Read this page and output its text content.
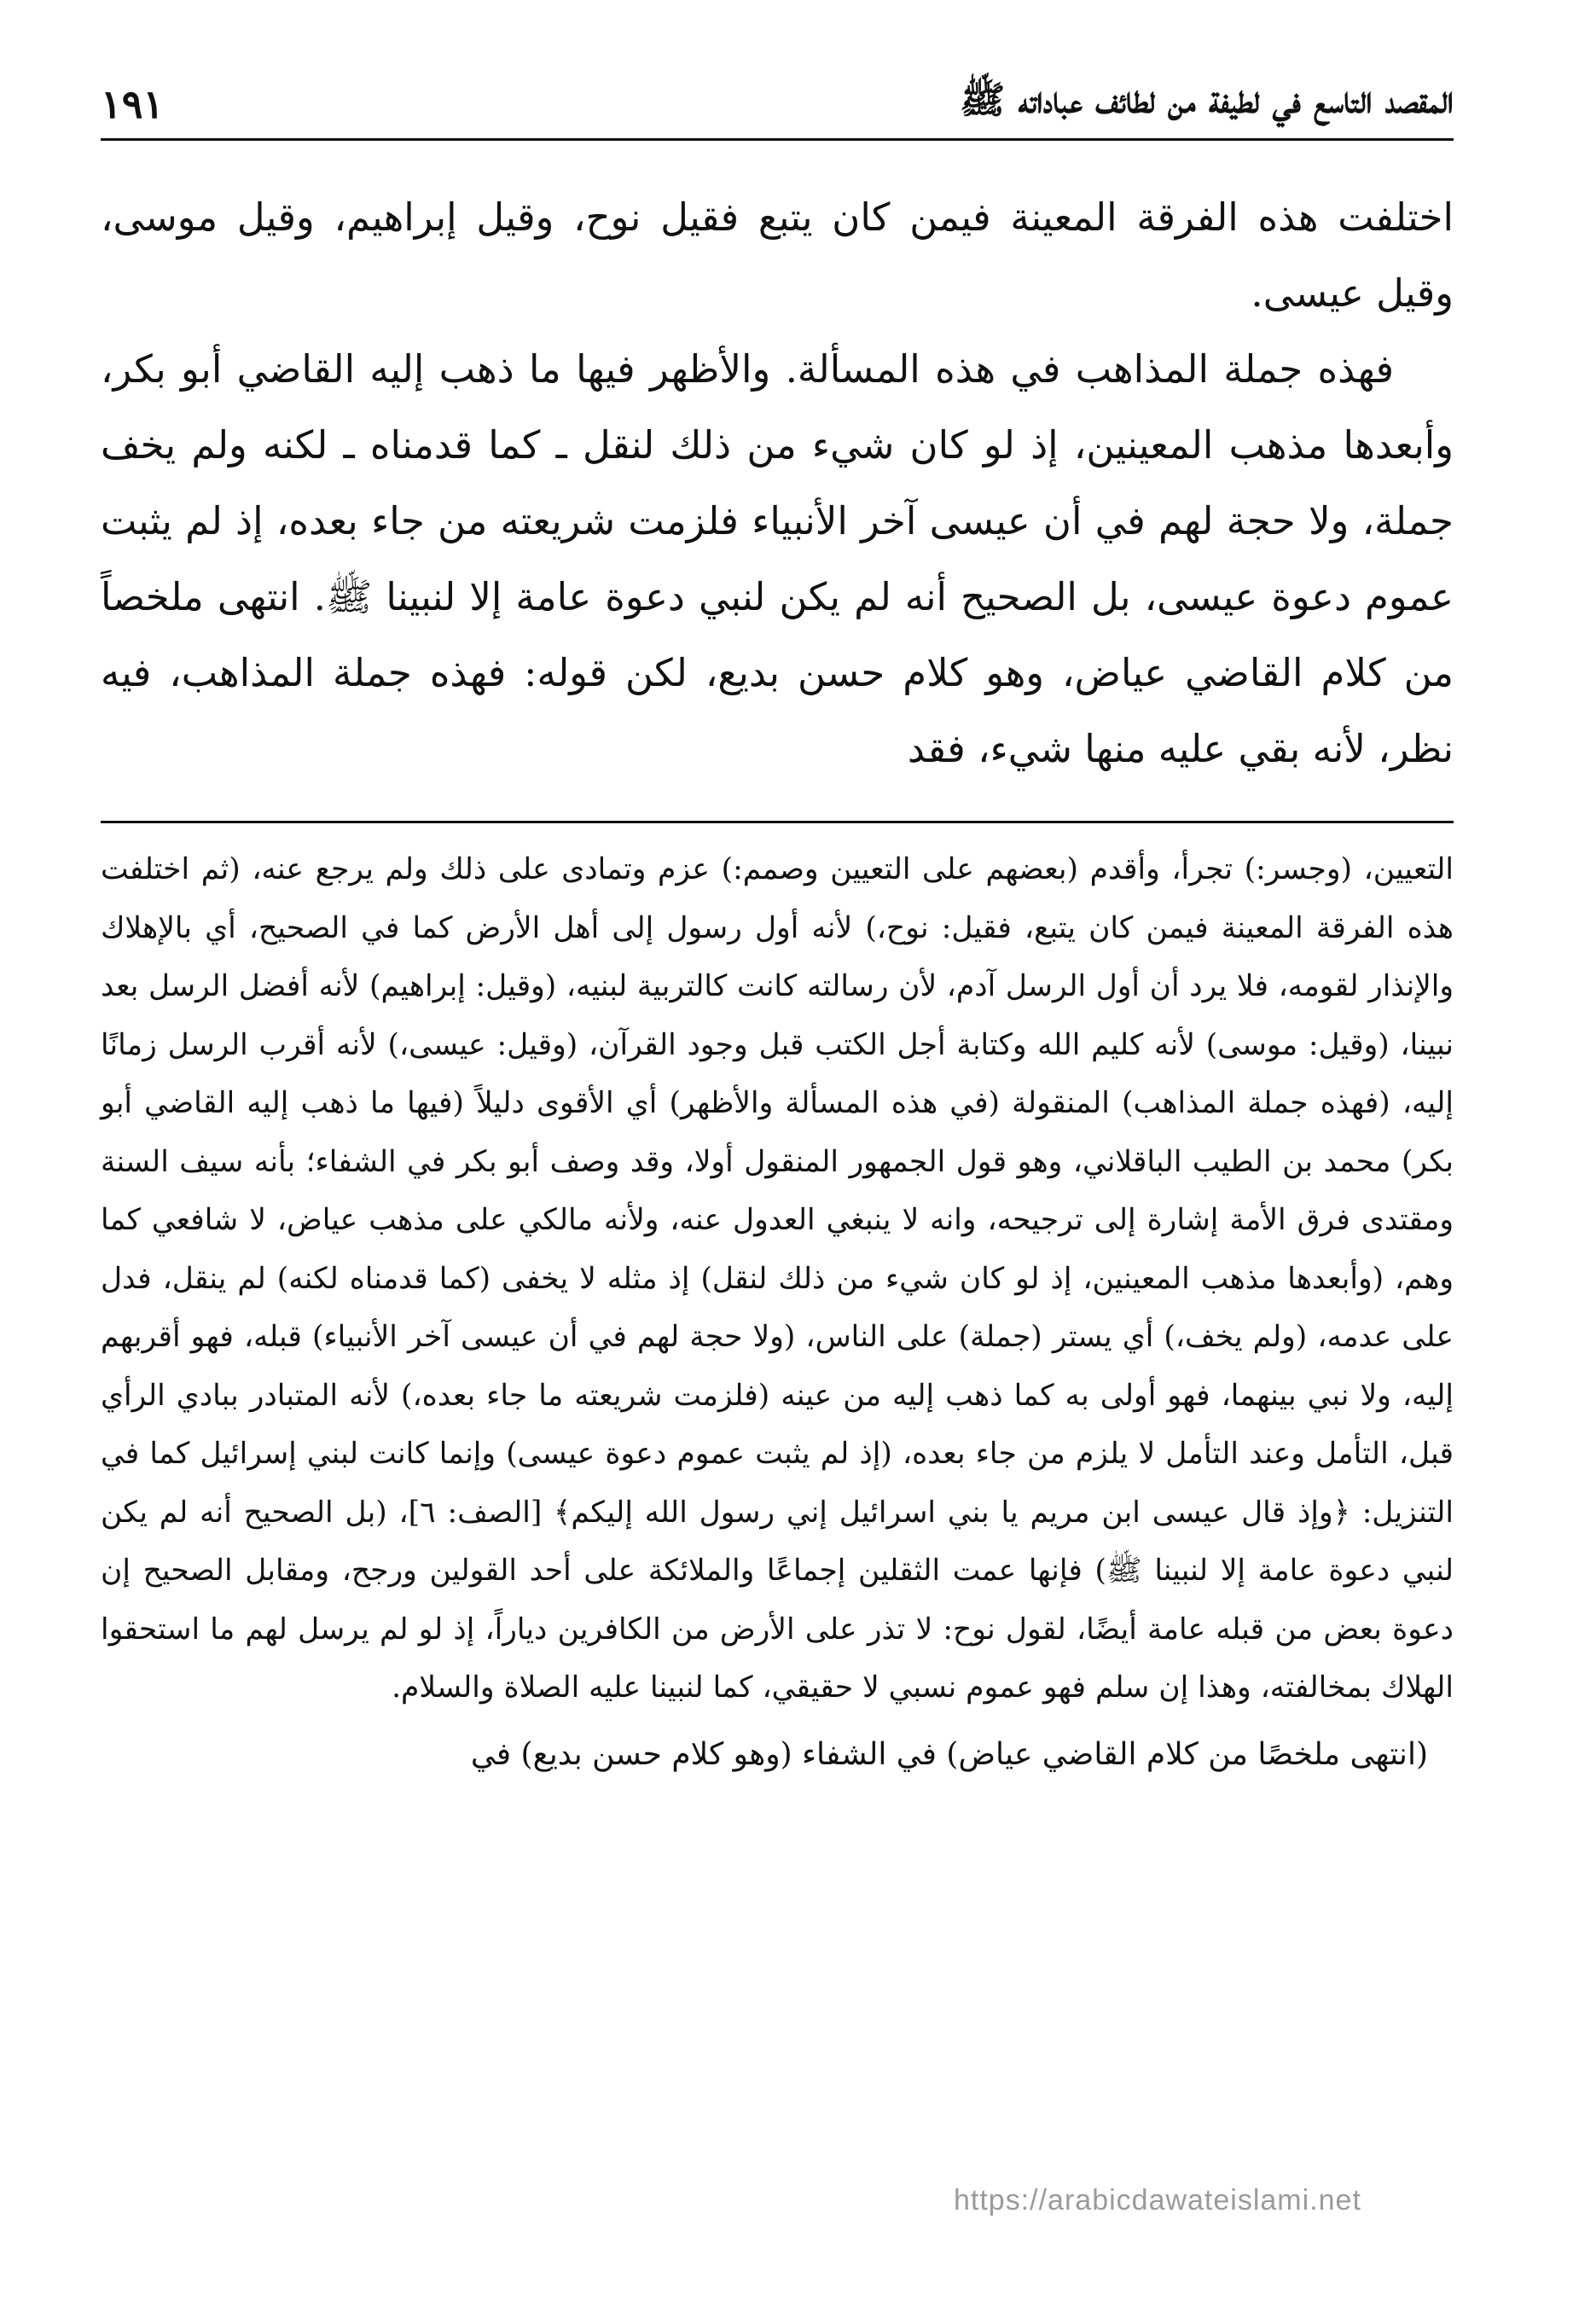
المقصد التاسع في لطيفة من لطائف عباداته ﷺ
١٩١

اختلفت هذه الفرقة المعينة فيمن كان يتبع فقيل نوح، وقيل إبراهيم، وقيل موسى، وقيل عيسى.

فهذه جملة المذاهب في هذه المسألة. والأظهر فيها ما ذهب إليه القاضي أبو بكر، وأبعدها مذهب المعينين، إذ لو كان شيء من ذلك لنقل ـ كما قدمناه ـ لكنه ولم يخف جملة، ولا حجة لهم في أن عيسى آخر الأنبياء فلزمت شريعته من جاء بعده، إذ لم يثبت عموم دعوة عيسى، بل الصحيح أنه لم يكن لنبي دعوة عامة إلا لنبينا ﷺ. انتهى ملخصاً من كلام القاضي عياض، وهو كلام حسن بديع، لكن قوله: فهذه جملة المذاهب، فيه نظر، لأنه بقي عليه منها شيء، فقد

التعيين، (وجسر:) تجرأ، وأقدم (بعضهم على التعيين وصمم:) عزم وتمادى على ذلك ولم يرجع عنه، (ثم اختلفت هذه الفرقة المعينة فيمن كان يتبع، فقيل: نوح،) لأنه أول رسول إلى أهل الأرض كما في الصحيح، أي بالإهلاك والإنذار لقومه، فلا يرد أن أول الرسل آدم، لأن رسالته كانت كالتربية لبنيه، (وقيل: إبراهيم) لأنه أفضل الرسل بعد نبينا، (وقيل: موسى) لأنه كليم الله وكتابة أجل الكتب قبل وجود القرآن، (وقيل: عيسى،) لأنه أقرب الرسل زمانًا إليه، (فهذه جملة المذاهب) المنقولة (في هذه المسألة والأظهر) أي الأقوى دليلاً (فيها ما ذهب إليه القاضي أبو بكر) محمد بن الطيب الباقلاني، وهو قول الجمهور المنقول أولا، وقد وصف أبو بكر في الشفاء؛ بأنه سيف السنة ومقتدى فرق الأمة إشارة إلى ترجيحه، وانه لا ينبغي العدول عنه، ولأنه مالكي على مذهب عياض، لا شافعي كما وهم، (وأبعدها مذهب المعينين، إذ لو كان شيء من ذلك لنقل) إذ مثله لا يخفى (كما قدمناه لكنه) لم ينقل، فدل على عدمه، (ولم يخف،) أي يستر (جملة) على الناس، (ولا حجة لهم في أن عيسى آخر الأنبياء) قبله، فهو أقربهم إليه، ولا نبي بينهما، فهو أولى به كما ذهب إليه من عينه (فلزمت شريعته ما جاء بعده،) لأنه المتبادر ببادي الرأي قبل، التأمل وعند التأمل لا يلزم من جاء بعده، (إذ لم يثبت عموم دعوة عيسى) وإنما كانت لبني إسرائيل كما في التنزيل: ﴿وإذ قال عيسى ابن مريم يا بني اسرائيل إني رسول الله إليكم﴾ [الصف: ٦]، (بل الصحيح أنه لم يكن لنبي دعوة عامة إلا لنبينا ﷺ) فإنها عمت الثقلين إجماعًا والملائكة على أحد القولين ورجح، ومقابل الصحيح إن دعوة بعض من قبله عامة أيضًا، لقول نوح: لا تذر على الأرض من الكافرين دياراً، إذ لو لم يرسل لهم ما استحقوا الهلاك بمخالفته، وهذا إن سلم فهو عموم نسبي لا حقيقي، كما لنبينا عليه الصلاة والسلام.

(انتهى ملخصًا من كلام القاضي عياض) في الشفاء (وهو كلام حسن بديع) في

https://arabicdawateislami.net
